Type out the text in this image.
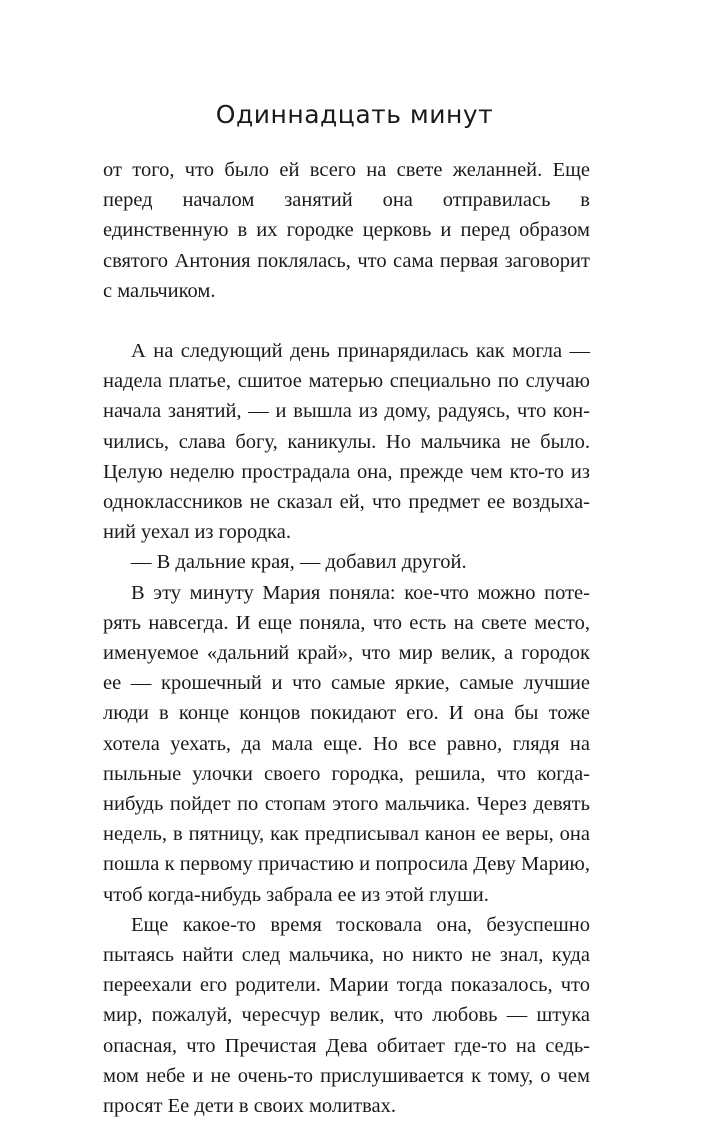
Одиннадцать минут

от того, что было ей всего на свете желанней. Еще перед началом занятий она отправилась в единственную в их городке церковь и перед образом святого Антония поклялась, что сама первая заговорит с мальчиком.

А на следующий день принарядилась как могла — надела платье, сшитое матерью специально по случаю начала занятий, — и вышла из дому, радуясь, что кончились, слава богу, каникулы. Но мальчика не было. Целую неделю прострадала она, прежде чем кто-то из одноклассников не сказал ей, что предмет ее воздыханий уехал из городка.

— В дальние края, — добавил другой.

В эту минуту Мария поняла: кое-что можно потерять навсегда. И еще поняла, что есть на свете место, именуемое «дальний край», что мир велик, а городок ее — крошечный и что самые яркие, самые лучшие люди в конце концов покидают его. И она бы тоже хотела уехать, да мала еще. Но все равно, глядя на пыльные улочки своего городка, решила, что когда-нибудь пойдет по стопам этого мальчика. Через девять недель, в пятницу, как предписывал канон ее веры, она пошла к первому причастию и попросила Деву Марию, чтоб когда-нибудь забрала ее из этой глуши.

Еще какое-то время тосковала она, безуспешно пытаясь найти след мальчика, но никто не знал, куда переехали его родители. Марии тогда показалось, что мир, пожалуй, чересчур велик, что любовь — штука опасная, что Пречистая Дева обитает где-то на седьмом небе и не очень-то прислушивается к тому, о чем просят Ее дети в своих молитвах.
